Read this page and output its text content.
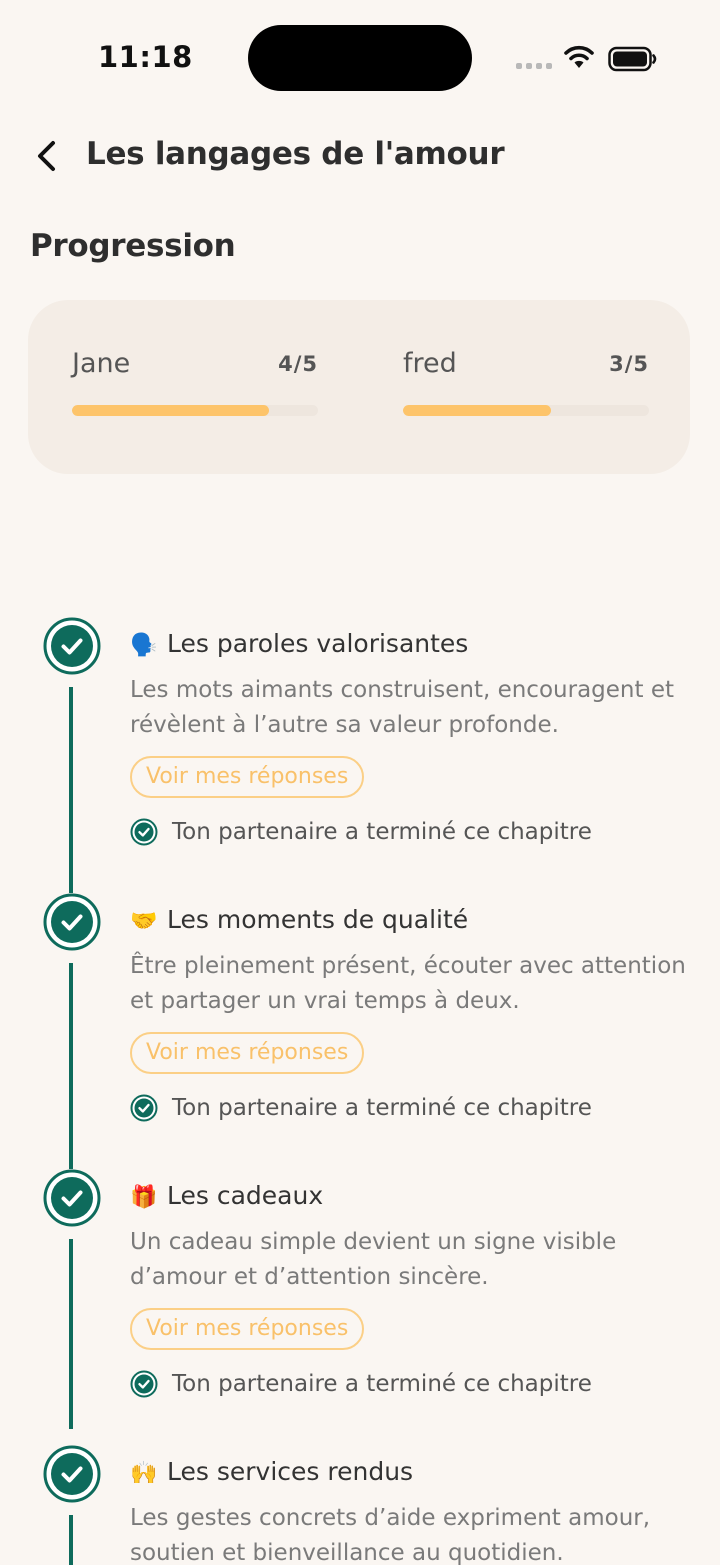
11:18
Les langages de l'amour
Progression
Jane	4/5	fred	3/5
🗣️ Les paroles valorisantes
Les mots aimants construisent, encouragent et révèlent à l’autre sa valeur profonde.
Voir mes réponses
Ton partenaire a terminé ce chapitre
🤝 Les moments de qualité
Être pleinement présent, écouter avec attention et partager un vrai temps à deux.
Voir mes réponses
Ton partenaire a terminé ce chapitre
🎁 Les cadeaux
Un cadeau simple devient un signe visible d’amour et d’attention sincère.
Voir mes réponses
Ton partenaire a terminé ce chapitre
🙌 Les services rendus
Les gestes concrets d’aide expriment amour, soutien et bienveillance au quotidien.
